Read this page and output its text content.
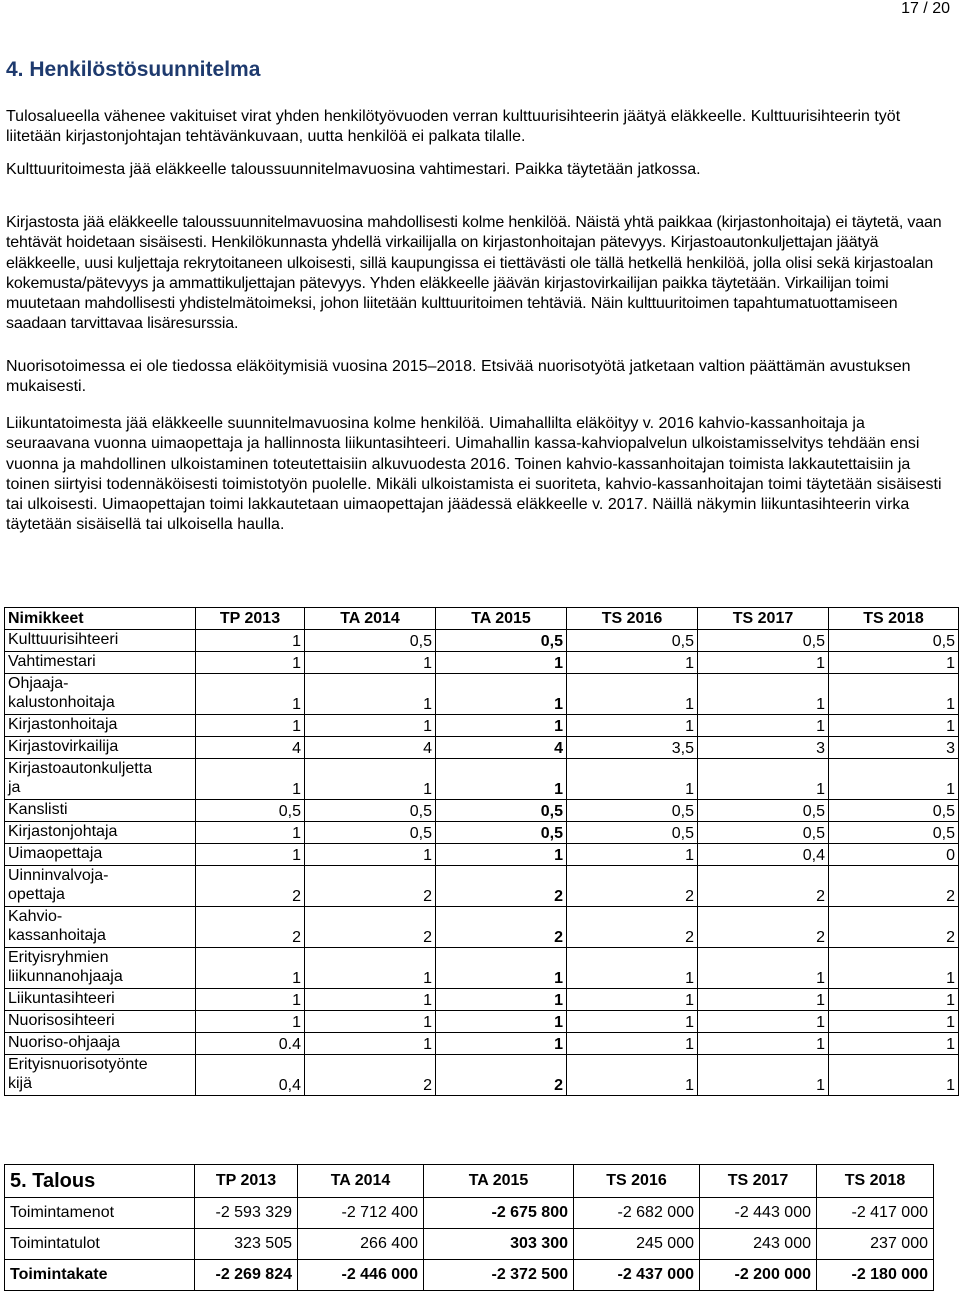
17 / 20
4. Henkilöstösuunnitelma

Tulosalueella vähenee vakituiset virat yhden henkilötyövuoden verran kulttuurisihteerin jäätyä eläkkeelle. Kulttuurisihteerin työt liitetään kirjastonjohtajan tehtävänkuvaan, uutta henkilöä ei palkata tilalle.

Kulttuuritoimesta jää eläkkeelle taloussuunnitelmavuosina vahtimestari. Paikka täytetään jatkossa.

Kirjastosta jää eläkkeelle taloussuunnitelmavuosina mahdollisesti kolme henkilöä. Näistä yhtä paikkaa (kirjastonhoitaja) ei täytetä, vaan tehtävät hoidetaan sisäisesti. Henkilökunnasta yhdellä virkailijalla on kirjastonhoitajan pätevyys. Kirjastoautonkuljettajan jäätyä eläkkeelle, uusi kuljettaja rekrytoitaneen ulkoisesti, sillä kaupungissa ei tiettävästi ole tällä hetkellä henkilöä, jolla olisi sekä kirjastoalan kokemusta/pätevyys ja ammattikuljettajan pätevyys. Yhden eläkkeelle jäävän kirjastovirkailijan paikka täytetään. Virkailijan toimi muutetaan mahdollisesti yhdistelmätoimeksi, johon liitetään kulttuuritoimen tehtäviä. Näin kulttuuritoimen tapahtumatuottamiseen saadaan tarvittavaa lisäresurssia.

Nuorisotoimessa ei ole tiedossa eläköitymisiä vuosina 2015–2018. Etsivää nuorisotyötä jatketaan valtion päättämän avustuksen mukaisesti.

Liikuntatoimesta jää eläkkeelle suunnitelmavuosina kolme henkilöä. Uimahallilta eläköityy v. 2016 kahvio-kassanhoitaja ja seuraavana vuonna uimaopettaja ja hallinnosta liikuntasihteeri. Uimahallin kassa-kahviopalvelun ulkoistamisselvitys tehdään ensi vuonna ja mahdollinen ulkoistaminen toteutettaisiin alkuvuodesta 2016. Toinen kahvio-kassanhoitajan toimista lakkautettaisiin ja toinen siirtyisi todennäköisesti toimistotyön puolelle. Mikäli ulkoistamista ei suoriteta, kahvio-kassanhoitajan toimi täytetään sisäisesti tai ulkoisesti. Uimaopettajan toimi lakkautetaan uimaopettajan jäädessä eläkkeelle v. 2017. Näillä näkymin liikuntasihteerin virka täytetään sisäisellä tai ulkoisella haulla.

Nimikkeet	TP 2013	TA 2014	TA 2015	TS 2016	TS 2017	TS 2018
Kulttuurisihteeri	1	0,5	0,5	0,5	0,5	0,5
Vahtimestari	1	1	1	1	1	1
Ohjaaja-
kalustonhoitaja	1	1	1	1	1	1
Kirjastonhoitaja	1	1	1	1	1	1
Kirjastovirkailija	4	4	4	3,5	3	3
Kirjastoautonkuljetta
ja	1	1	1	1	1	1
Kanslisti	0,5	0,5	0,5	0,5	0,5	0,5
Kirjastonjohtaja	1	0,5	0,5	0,5	0,5	0,5
Uimaopettaja	1	1	1	1	0,4	0
Uinninvalvoja-
opettaja	2	2	2	2	2	2
Kahvio-
kassanhoitaja	2	2	2	2	2	2
Erityisryhmien
liikunnanohjaaja	1	1	1	1	1	1
Liikuntasihteeri	1	1	1	1	1	1
Nuorisosihteeri	1	1	1	1	1	1
Nuoriso-ohjaaja	0.4	1	1	1	1	1
Erityisnuorisotyönte
kijä	0,4	2	2	1	1	1
5. Talous	TP 2013	TA 2014	TA 2015	TS 2016	TS 2017	TS 2018
Toimintamenot	-2 593 329	-2 712 400	-2 675 800	-2 682 000	-2 443 000	-2 417 000
Toimintatulot	323 505	266 400	303 300	245 000	243 000	237 000
Toimintakate	-2 269 824	-2 446 000	-2 372 500	-2 437 000	-2 200 000	-2 180 000
